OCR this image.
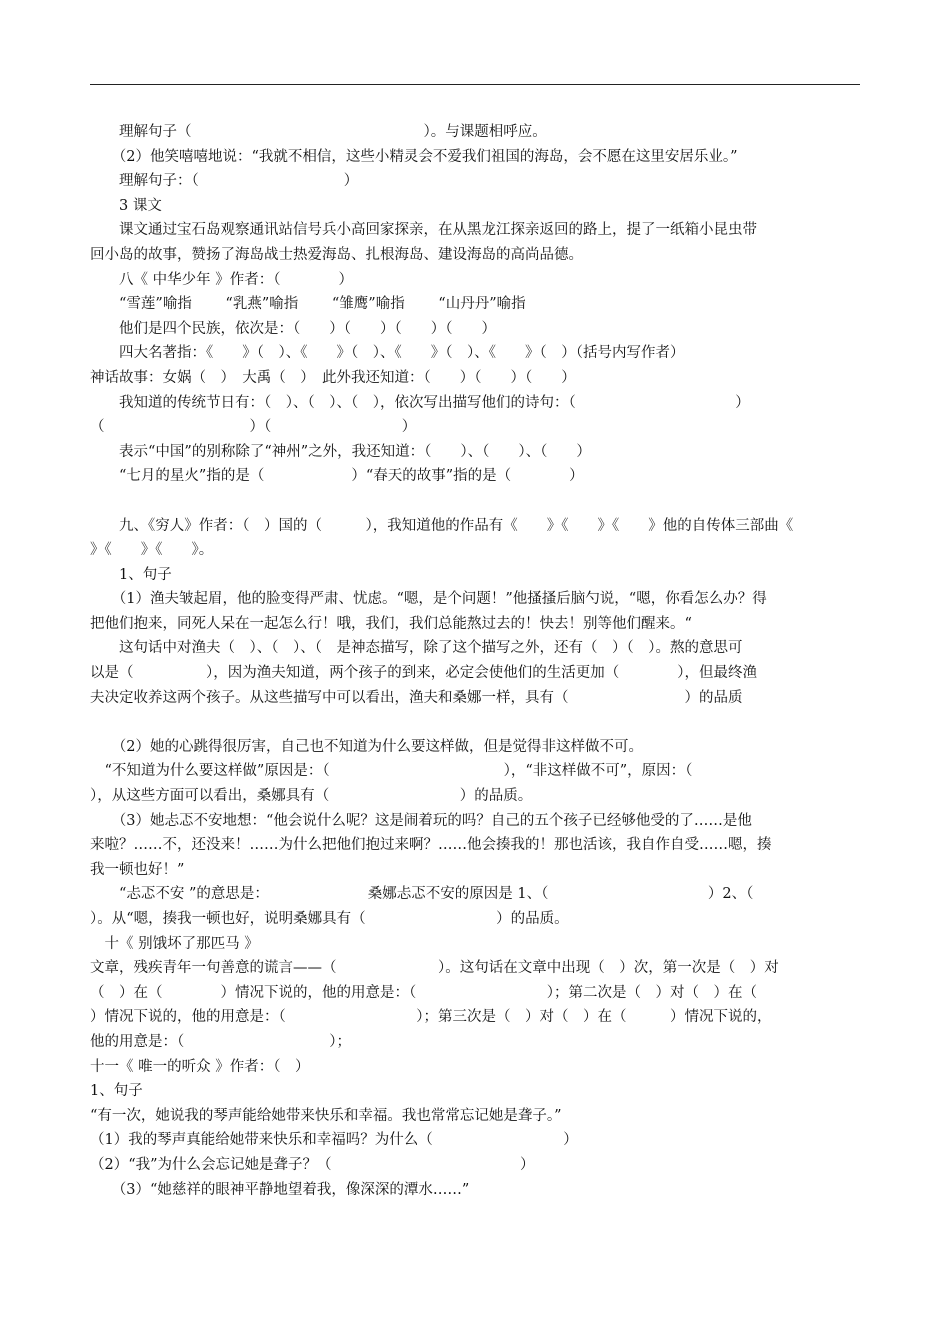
　　理解句子（　　　　　　　　　　　　　　　　）。与课题相呼应。
　　（2）他笑嘻嘻地说：“我就不相信，这些小精灵会不爱我们祖国的海岛，会不愿在这里安居乐业。”
　　理解句子：（　　　　　　　　　　）
　　3 课文
　　课文通过宝石岛观察通讯站信号兵小高回家探亲，在从黑龙江探亲返回的路上，提了一纸箱小昆虫带
回小岛的故事，赞扬了海岛战士热爱海岛、扎根海岛、建设海岛的高尚品德。
　　八《 中华少年 》作者：（　　　　）
　　“雪莲”喻指　　 “乳燕”喻指　　 “雏鹰”喻指　　 “山丹丹”喻指
　　他们是四个民族，依次是：（　　）（　　）（　　）（　　）
　　四大名著指：《　　》（　）、《　　》（　）、《　　》（　）、《　　》（　）（括号内写作者）
神话故事：女娲（　）　大禹（　）　此外我还知道：（　　）（　　）（　　）
　　我知道的传统节日有：（　）、（　）、（　），依次写出描写他们的诗句：（　　　　　　　　　　　）
（　　　　　　　　　　）（　　　　　　　　　）
　　表示“中国”的别称除了“神州”之外，我还知道：（　　）、（　　）、（　　）
　　“七月的星火”指的是（　　　　　　）“春天的故事”指的是（　　　　）
　　九、《穷人》作者：（　）国的（　　　），我知道他的作品有《　　》《　　》《　　》他的自传体三部曲《
》《　　》《　　》。
　　1、句子
　　（1）渔夫皱起眉，他的脸变得严肃、忧虑。“嗯，是个问题！”他搔搔后脑勺说，“嗯，你看怎么办？得
把他们抱来，同死人呆在一起怎么行！哦，我们，我们总能熬过去的！快去！别等他们醒来。“
　　这句话中对渔夫（　）、（　）、（　是神态描写，除了这个描写之外，还有（　）（　）。熬的意思可
以是（　　　　　），因为渔夫知道，两个孩子的到来，必定会使他们的生活更加（　　　　），但最终渔
夫决定收养这两个孩子。从这些描写中可以看出，渔夫和桑娜一样，具有（　　　　　　　　）的品质
　　（2）她的心跳得很厉害，自己也不知道为什么要这样做，但是觉得非这样做不可。
　“不知道为什么要这样做”原因是：（　　　　　　　　　　　　），“非这样做不可”，原因：（
），从这些方面可以看出，桑娜具有（　　　　　　　　　）的品质。
　　（3）她忐忑不安地想：“他会说什么呢？这是闹着玩的吗？自己的五个孩子已经够他受的了……是他
来啦？……不，还没来！……为什么把他们抱过来啊？……他会揍我的！那也活该，我自作自受……嗯，揍
我一顿也好！”
　　“忐忑不安 ”的意思是：　　　　　　　 桑娜忐忑不安的原因是 1、（　　　　　　　　　　　）2、（
）。从“嗯，揍我一顿也好，说明桑娜具有（　　　　　　　　　）的品质。
　十《 别饿坏了那匹马 》
文章，残疾青年一句善意的谎言——（　　　　　　　）。这句话在文章中出现（　）次，第一次是（　）对
（　）在（　　　　）情况下说的，他的用意是：（　　　　　　　　　）；第二次是（　）对（　）在（
）情况下说的，他的用意是：（　　　　　　　　　）；第三次是（　）对（　）在（　　　）情况下说的，
他的用意是：（　　　　　　　　　　）；
十一《 唯一的听众 》作者：（　）
1、句子
“有一次，她说我的琴声能给她带来快乐和幸福。我也常常忘记她是聋子。”
（1）我的琴声真能给她带来快乐和幸福吗？为什么（　　　　　　　　　）
（2）“我”为什么会忘记她是聋子？（　　　　　　　　　　　　　）
　　（3）“她慈祥的眼神平静地望着我，像深深的潭水……”
